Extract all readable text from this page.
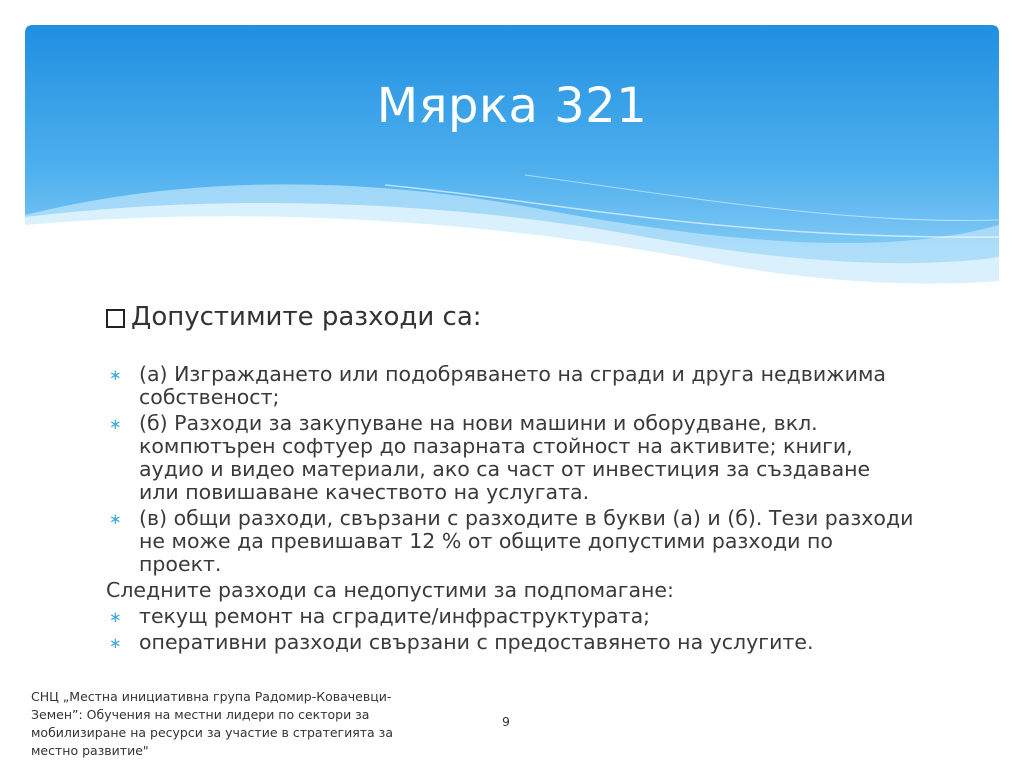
Мярка 321
Допустимите разходи са:
∗ (а) Изграждането или подобряването на сгради и друга недвижима собственост;
∗ (б) Разходи за закупуване на нови машини и оборудване, вкл. компютърен софтуер до пазарната стойност на активите; книги, аудио и видео материали, ако са част от инвестиция за създаване или повишаване качеството на услугата.
∗ (в) общи разходи, свързани с разходите в букви (а) и (б). Тези разходи не може да превишават 12 % от общите допустими разходи по проект.
Следните разходи са недопустими за подпомагане:
∗ текущ ремонт на сградите/инфраструктурата;
∗ оперативни разходи свързани с предоставянето на услугите.
СНЦ „Местна инициативна група Радомир-Ковачевци-Земен”: Обучения на местни лидери по сектори за мобилизиране на ресурси за участие в стратегията за местно развитие"
9
